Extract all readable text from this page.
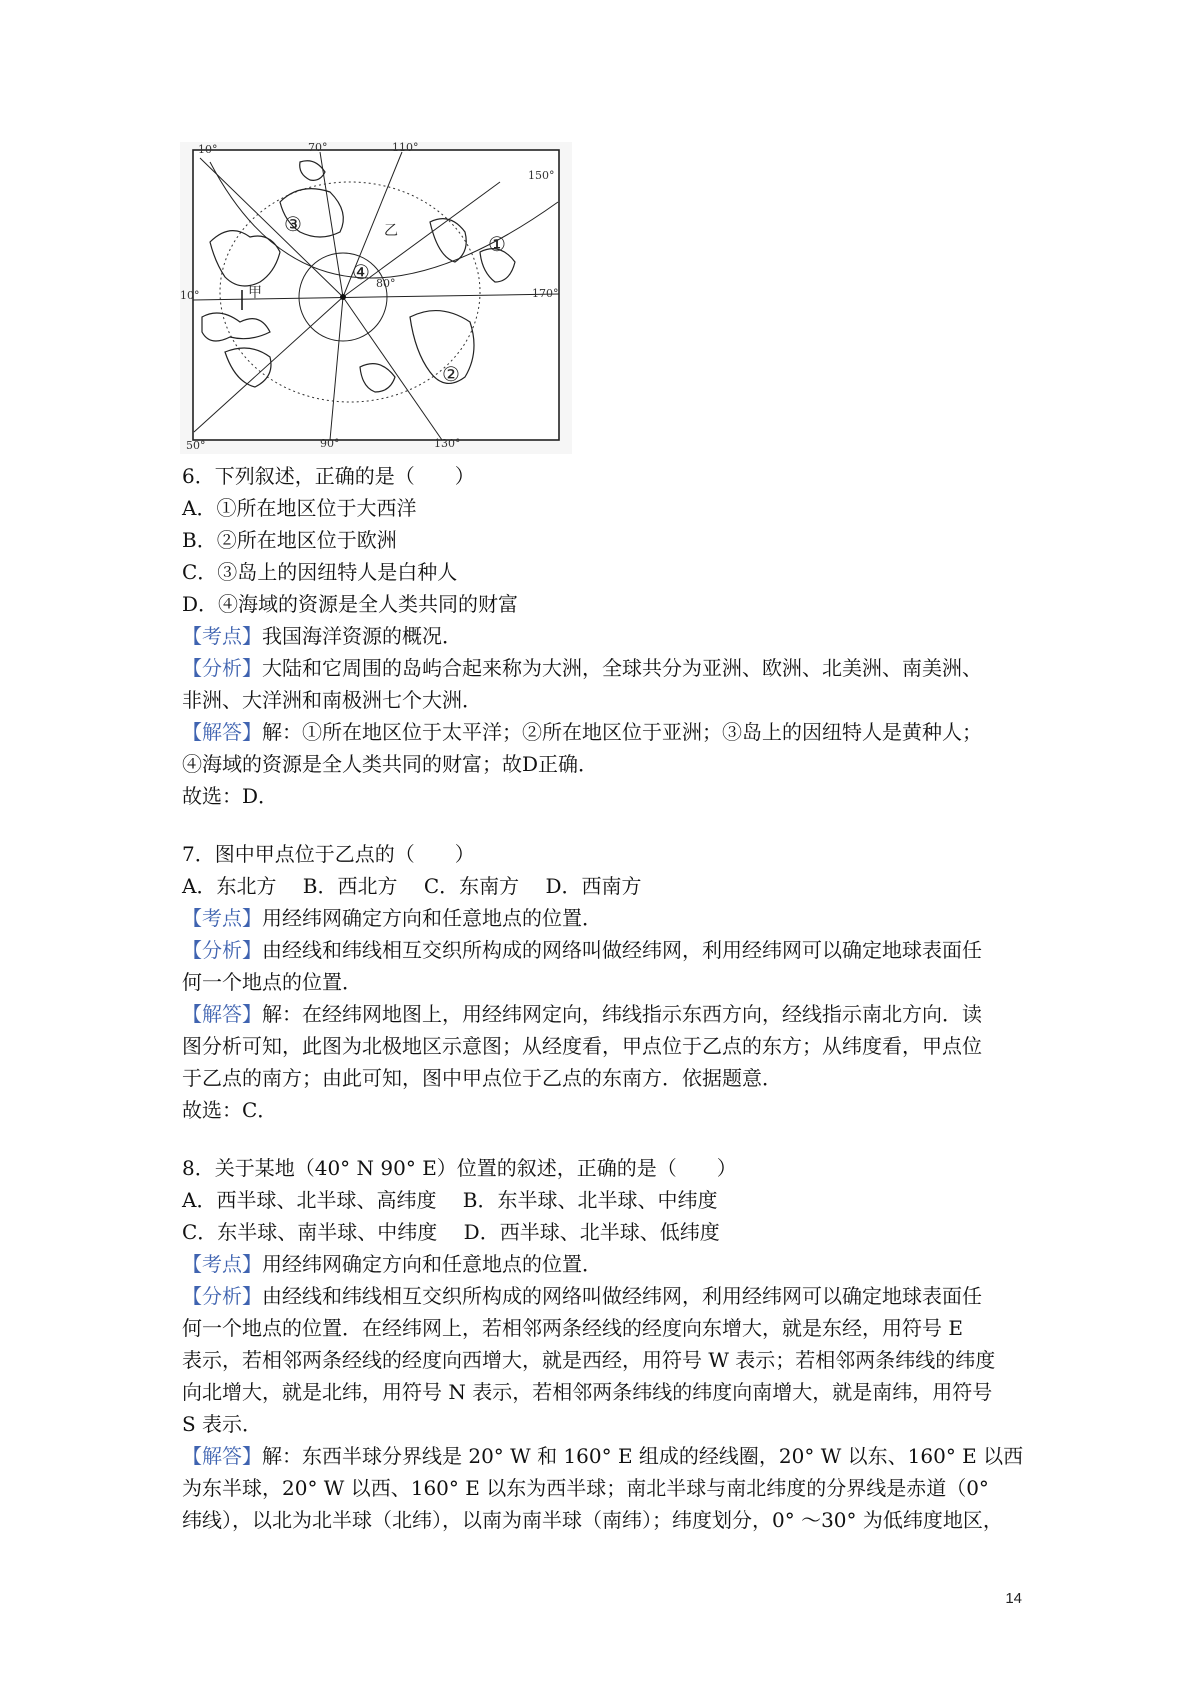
10°	70°	110°
150°
10°	170°
50°	90°	130°
80°
①
②
③
④
甲
乙
6．下列叙述，正确的是（　　）
A．①所在地区位于大西洋
B．②所在地区位于欧洲
C．③岛上的因纽特人是白种人
D．④海域的资源是全人类共同的财富
【考点】我国海洋资源的概况．
【分析】大陆和它周围的岛屿合起来称为大洲，全球共分为亚洲、欧洲、北美洲、南美洲、
非洲、大洋洲和南极洲七个大洲．
【解答】解：①所在地区位于太平洋；②所在地区位于亚洲；③岛上的因纽特人是黄种人；
④海域的资源是全人类共同的财富；故D正确．
故选：D．
7．图中甲点位于乙点的（　　）
A．东北方　 B．西北方　 C．东南方　 D．西南方
【考点】用经纬网确定方向和任意地点的位置．
【分析】由经线和纬线相互交织所构成的网络叫做经纬网，利用经纬网可以确定地球表面任
何一个地点的位置．
【解答】解：在经纬网地图上，用经纬网定向，纬线指示东西方向，经线指示南北方向．读
图分析可知，此图为北极地区示意图；从经度看，甲点位于乙点的东方；从纬度看，甲点位
于乙点的南方；由此可知，图中甲点位于乙点的东南方．依据题意．
故选：C．
8．关于某地（40° N 90° E）位置的叙述，正确的是（　　）
A．西半球、北半球、高纬度　 B．东半球、北半球、中纬度
C．东半球、南半球、中纬度　 D．西半球、北半球、低纬度
【考点】用经纬网确定方向和任意地点的位置．
【分析】由经线和纬线相互交织所构成的网络叫做经纬网，利用经纬网可以确定地球表面任
何一个地点的位置．在经纬网上，若相邻两条经线的经度向东增大，就是东经，用符号 E
表示，若相邻两条经线的经度向西增大，就是西经，用符号 W 表示；若相邻两条纬线的纬度
向北增大，就是北纬，用符号 N 表示，若相邻两条纬线的纬度向南增大，就是南纬，用符号
S 表示．
【解答】解：东西半球分界线是 20° W 和 160° E 组成的经线圈，20° W 以东、160° E 以西
为东半球，20° W 以西、160° E 以东为西半球；南北半球与南北纬度的分界线是赤道（0°
纬线），以北为北半球（北纬），以南为南半球（南纬）；纬度划分，0° ～30° 为低纬度地区，
14
